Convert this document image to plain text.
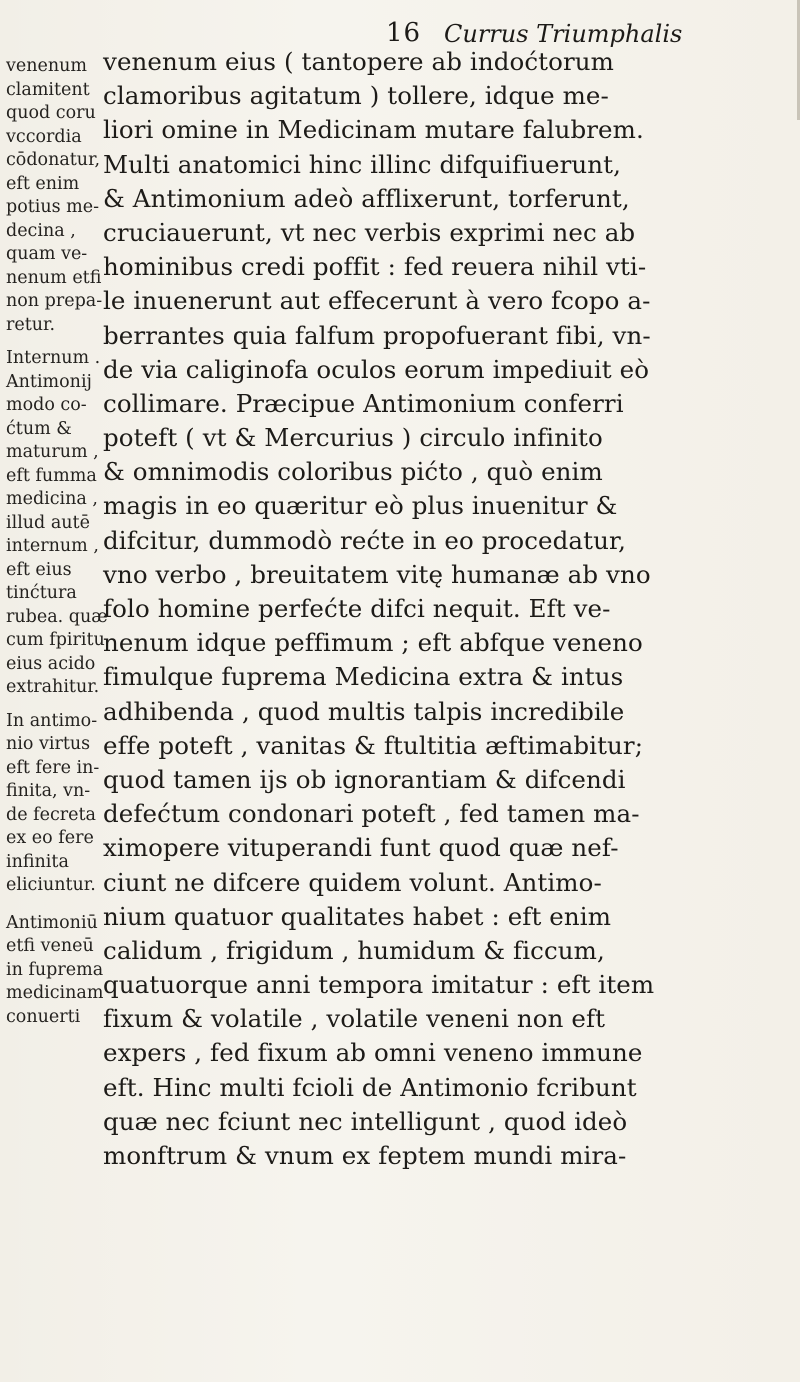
16 Currus Triumphalis
venenum
clamitent
quod coru
vccordia
cōdonatur,
eft enim
potius me-
decina ,
quam ve-
nenum etfi
non prepa-
retur.
Internum .
Antimonij
modo co-
ćtum &
maturum ,
eft fumma
medicina ,
illud autē
internum ,
eft eius
tinćtura
rubea. quæ
cum fpiritu
eius acido
extrahitur.
In antimo-
nio virtus
eft fere in-
finita, vn-
de fecreta
ex eo fere
infinita
eliciuntur.
Antimoniū
etfi veneū
in fuprema
medicinam
conuerti
venenum eius ( tantopere ab indoćtorum
clamoribus agitatum ) tollere, idque me-
liori omine in Medicinam mutare falubrem.
Multi anatomici hinc illinc difquifiuerunt,
& Antimonium adeò afflixerunt, torferunt,
cruciauerunt, vt nec verbis exprimi nec ab
hominibus credi poffit : fed reuera nihil vti-
le inuenerunt aut effecerunt à vero fcopo a-
berrantes quia falfum propofuerant fibi, vn-
de via caliginofa oculos eorum impediuit eò
collimare. Præcipue Antimonium conferri
poteft ( vt & Mercurius ) circulo infinito
& omnimodis coloribus pićto , quò enim
magis in eo quæritur eò plus inuenitur &
difcitur, dummodò rećte in eo procedatur,
vno verbo , breuitatem vitę humanæ ab vno
folo homine perfećte difci nequit. Eft ve-
nenum idque peffimum ; eft abfque veneno
fimulque fuprema Medicina extra & intus
adhibenda , quod multis talpis incredibile
effe poteft , vanitas & ftultitia æftimabitur;
quod tamen ijs ob ignorantiam & difcendi
defećtum condonari poteft , fed tamen ma-
ximopere vituperandi funt quod quæ nef-
ciunt ne difcere quidem volunt. Antimo-
nium quatuor qualitates habet : eft enim
calidum , frigidum , humidum & ficcum,
quatuorque anni tempora imitatur : eft item
fixum & volatile , volatile veneni non eft
expers , fed fixum ab omni veneno immune
eft. Hinc multi fcioli de Antimonio fcribunt
quæ nec fciunt nec intelligunt , quod ideò
monftrum & vnum ex feptem mundi mira-
